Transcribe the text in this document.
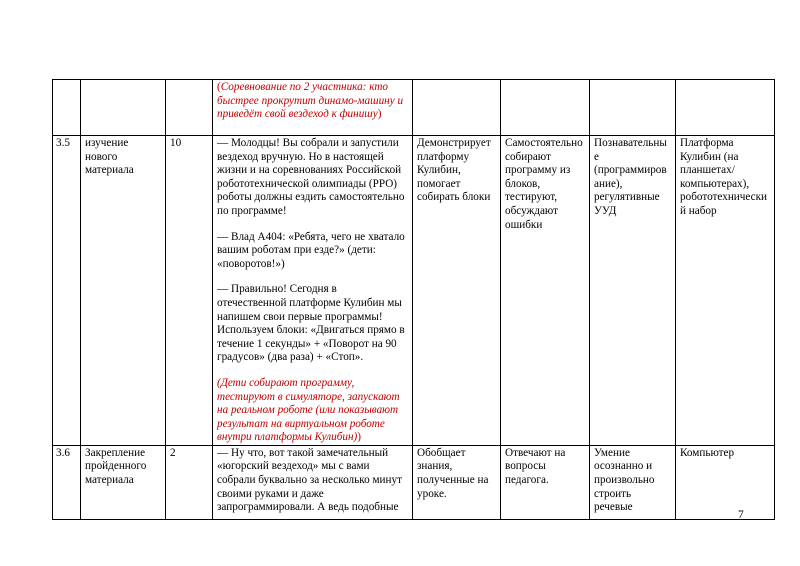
			(Соревнование по 2 участника: кто быстрее прокрутит динамо-машину и приведёт свой вездеход к финишу)				

3.5	изучение нового материала	10	— Молодцы! Вы собрали и запустили вездеход вручную. Но в настоящей жизни и на соревнованиях Российской робототехнической олимпиады (РРО) роботы должны ездить самостоятельно по программе!
— Влад А404: «Ребята, чего не хватало вашим роботам при езде?» (дети: «поворотов!»)
— Правильно! Сегодня в отечественной платформе Кулибин мы напишем свои первые программы! Используем блоки: «Двигаться прямо в течение 1 секунды» + «Поворот на 90 градусов» (два раза) + «Стоп».
(Дети собирают программу, тестируют в симуляторе, запускают на реальном роботе (или показывают результат на виртуальном роботе внутри платформы Кулибин))	Демонстрирует платформу Кулибин, помогает собирать блоки	Самостоятельно собирают программу из блоков, тестируют, обсуждают ошибки	Познавательные (программирование), регулятивные УУД	Платформа Кулибин (на планшетах/компьютерах), робототехнический набор
3.6	Закрепление пройденного материала	2	— Ну что, вот такой замечательный «югорский вездеход» мы с вами собрали буквально за несколько минут своими руками и даже запрограммировали. А ведь подобные	Обобщает знания, полученные на уроке.	Отвечают на вопросы педагога.	Умение осознанно и произвольно строить речевые	Компьютер
7
